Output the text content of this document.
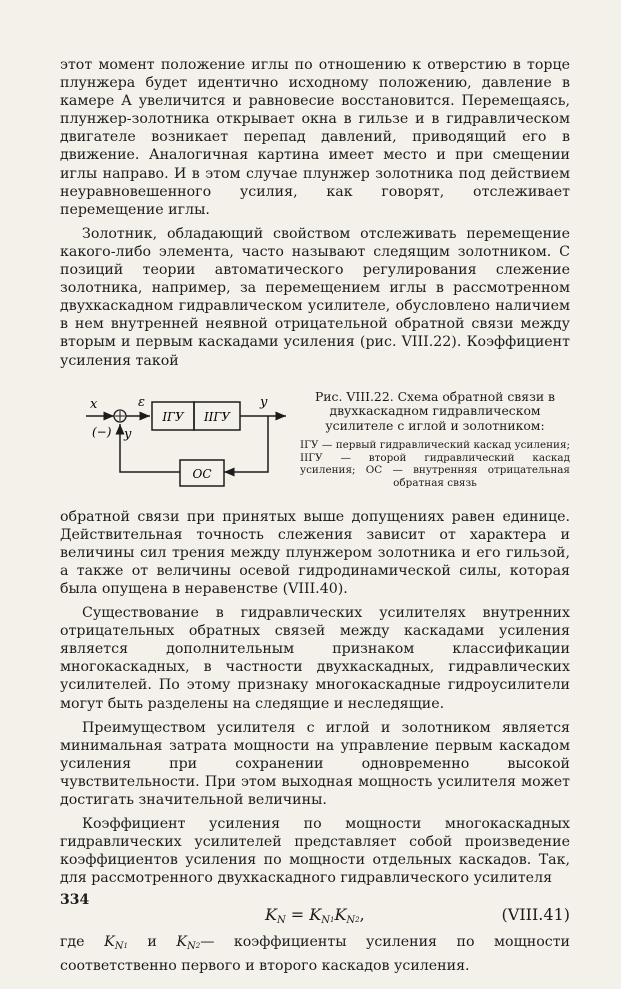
этот момент положение иглы по отношению к отверстию в торце плунжера будет идентично исходному положению, давление в камере А увеличится и равновесие восстановится. Перемещаясь, плунжер-золотника открывает окна в гильзе и в гидравлическом двигателе возникает перепад давлений, приводящий его в движение. Аналогичная картина имеет место и при смещении иглы направо. И в этом случае плунжер золотника под действием неуравновешенного усилия, как говорят, отслеживает перемещение иглы.

Золотник, обладающий свойством отслеживать перемещение какого-либо элемента, часто называют следящим золотником. С позиций теории автоматического регулирования слежение золотника, например, за перемещением иглы в рассмотренном двухкаскадном гидравлическом усилителе, обусловлено наличием в нем внутренней неявной отрицательной обратной связи между вторым и первым каскадами усиления (рис. VIII.22). Коэффициент усиления такой

x	ε	y
(−) y
ІГУ ІІГУ
ОС

Рис. VIII.22. Схема обратной связи в двухкаскадном гидравлическом усилителе с иглой и золотником:

ІГУ — первый гидравлический каскад усиления; ІІГУ — второй гидравлический каскад усиления; ОС — внутренняя отрицательная обратная связь

обратной связи при принятых выше допущениях равен единице. Действительная точность слежения зависит от характера и величины сил трения между плунжером золотника и его гильзой, а также от величины осевой гидродинамической силы, которая была опущена в неравенстве (VIII.40).

Существование в гидравлических усилителях внутренних отрицательных обратных связей между каскадами усиления является дополнительным признаком классификации многокаскадных, в частности двухкаскадных, гидравлических усилителей. По этому признаку многокаскадные гидроусилители могут быть разделены на следящие и неследящие.

Преимуществом усилителя с иглой и золотником является минимальная затрата мощности на управление первым каскадом усиления при сохранении одновременно высокой чувствительности. При этом выходная мощность усилителя может достигать значительной величины.

Коэффициент усиления по мощности многокаскадных гидравлических усилителей представляет собой произведение коэффициентов усиления по мощности отдельных каскадов. Так, для рассмотренного двухкаскадного гидравлического усилителя

$K_N = K_N1K_N2$,	(VIII.41)

где $K_N1$ и $K_N2—$ коэффициенты усиления по мощности соответственно первого и второго каскадов усиления.

334
